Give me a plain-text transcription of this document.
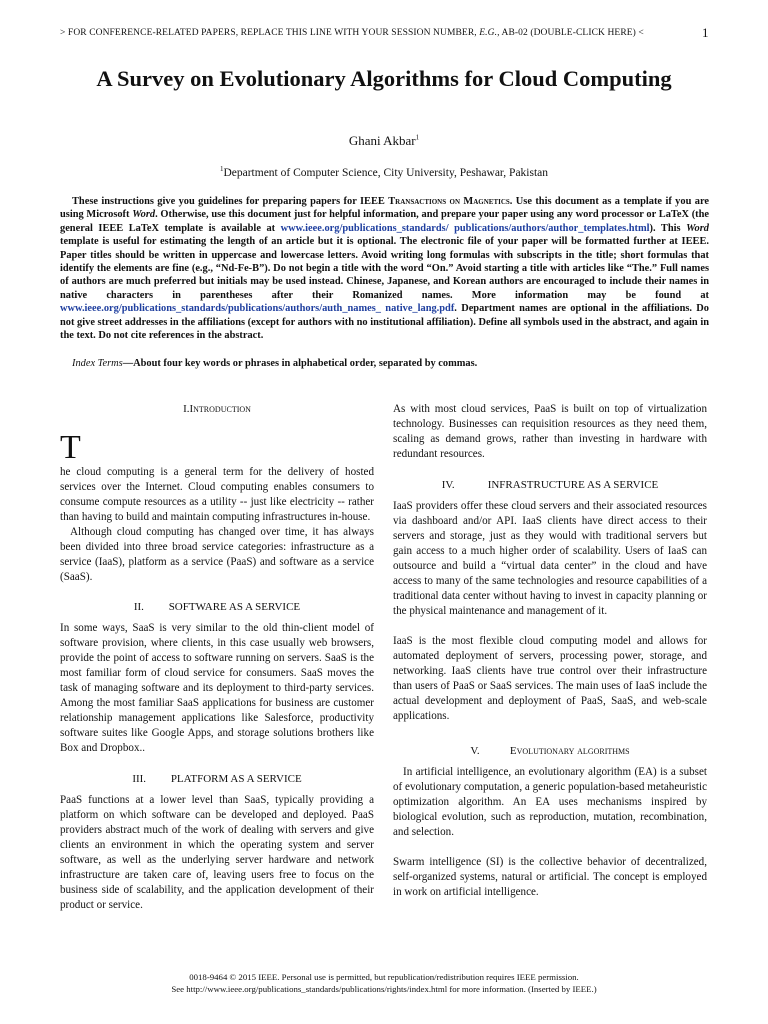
> FOR CONFERENCE-RELATED PAPERS, REPLACE THIS LINE WITH YOUR SESSION NUMBER, E.G., AB-02 (DOUBLE-CLICK HERE) <	1
A Survey on Evolutionary Algorithms for Cloud Computing
Ghani Akbar$^1$
$^1$Department of Computer Science, City University, Peshawar, Pakistan
These instructions give you guidelines for preparing papers for IEEE Transactions on Magnetics. Use this document as a template if you are using Microsoft Word. Otherwise, use this document just for helpful information, and prepare your paper using any word processor or LaTeX (the general IEEE LaTeX template is available at www.ieee.org/publications_standards/ publications/authors/author_templates.html). This Word template is useful for estimating the length of an article but it is optional. The electronic file of your paper will be formatted further at IEEE. Paper titles should be written in uppercase and lowercase letters. Avoid writing long formulas with subscripts in the title; short formulas that identify the elements are fine (e.g., “Nd-Fe-B”). Do not begin a title with the word “On.” Avoid starting a title with articles like “The.” Full names of authors are much preferred but initials may be used instead. Chinese, Japanese, and Korean authors are encouraged to include their names in native characters in parentheses after their Romanized names. More information may be found at www.ieee.org/publications_standards/publications/authors/auth_names_ native_lang.pdf. Department names are optional in the affiliations. Do not give street addresses in the affiliations (except for authors with no institutional affiliation). Define all symbols used in the abstract, and again in the text. Do not cite references in the abstract.
Index Terms—About four key words or phrases in alphabetical order, separated by commas.

I.Introduction

T

he cloud computing is a general term for the delivery of hosted services over the Internet. Cloud computing enables consumers to consume compute resources as a utility -- just like electricity -- rather than having to build and maintain computing infrastructures in-house.

Although cloud computing has changed over time, it has always been divided into three broad service categories: infrastructure as a service (IaaS), platform as a service (PaaS) and software as a service (SaaS).

II. SOFTWARE AS A SERVICE

In some ways, SaaS is very similar to the old thin-client model of software provision, where clients, in this case usually web browsers, provide the point of access to software running on servers. SaaS is the most familiar form of cloud service for consumers. SaaS moves the task of managing software and its deployment to third-party services. Among the most familiar SaaS applications for business are customer relationship management applications like Salesforce, productivity software suites like Google Apps, and storage solutions brothers like Box and Dropbox..

III. PLATFORM AS A SERVICE

PaaS functions at a lower level than SaaS, typically providing a platform on which software can be developed and deployed. PaaS providers abstract much of the work of dealing with servers and give clients an environment in which the operating system and server software, as well as the underlying server hardware and network infrastructure are taken care of, leaving users free to focus on the business side of scalability, and the application development of their product or service.

As with most cloud services, PaaS is built on top of virtualization technology. Businesses can requisition resources as they need them, scaling as demand grows, rather than investing in hardware with redundant resources.

IV.	INFRASTRUCTURE AS A SERVICE

IaaS providers offer these cloud servers and their associated resources via dashboard and/or API. IaaS clients have direct access to their servers and storage, just as they would with traditional servers but gain access to a much higher order of scalability. Users of IaaS can outsource and build a “virtual data center” in the cloud and have access to many of the same technologies and resource capabilities of a traditional data center without having to invest in capacity planning or the physical maintenance and management of it.

IaaS is the most flexible cloud computing model and allows for automated deployment of servers, processing power, storage, and networking. IaaS clients have true control over their infrastructure than users of PaaS or SaaS services. The main uses of IaaS include the actual development and deployment of PaaS, SaaS, and web-scale applications.

V.	Evolutionary algorithms

In artificial intelligence, an evolutionary algorithm (EA) is a subset of evolutionary computation, a generic population-based metaheuristic optimization algorithm. An EA uses mechanisms inspired by biological evolution, such as reproduction, mutation, recombination, and selection.

Swarm intelligence (SI) is the collective behavior of decentralized, self-organized systems, natural or artificial. The concept is employed in work on artificial intelligence.

0018-9464 © 2015 IEEE. Personal use is permitted, but republication/redistribution requires IEEE permission.
See http://www.ieee.org/publications_standards/publications/rights/index.html for more information. (Inserted by IEEE.)
